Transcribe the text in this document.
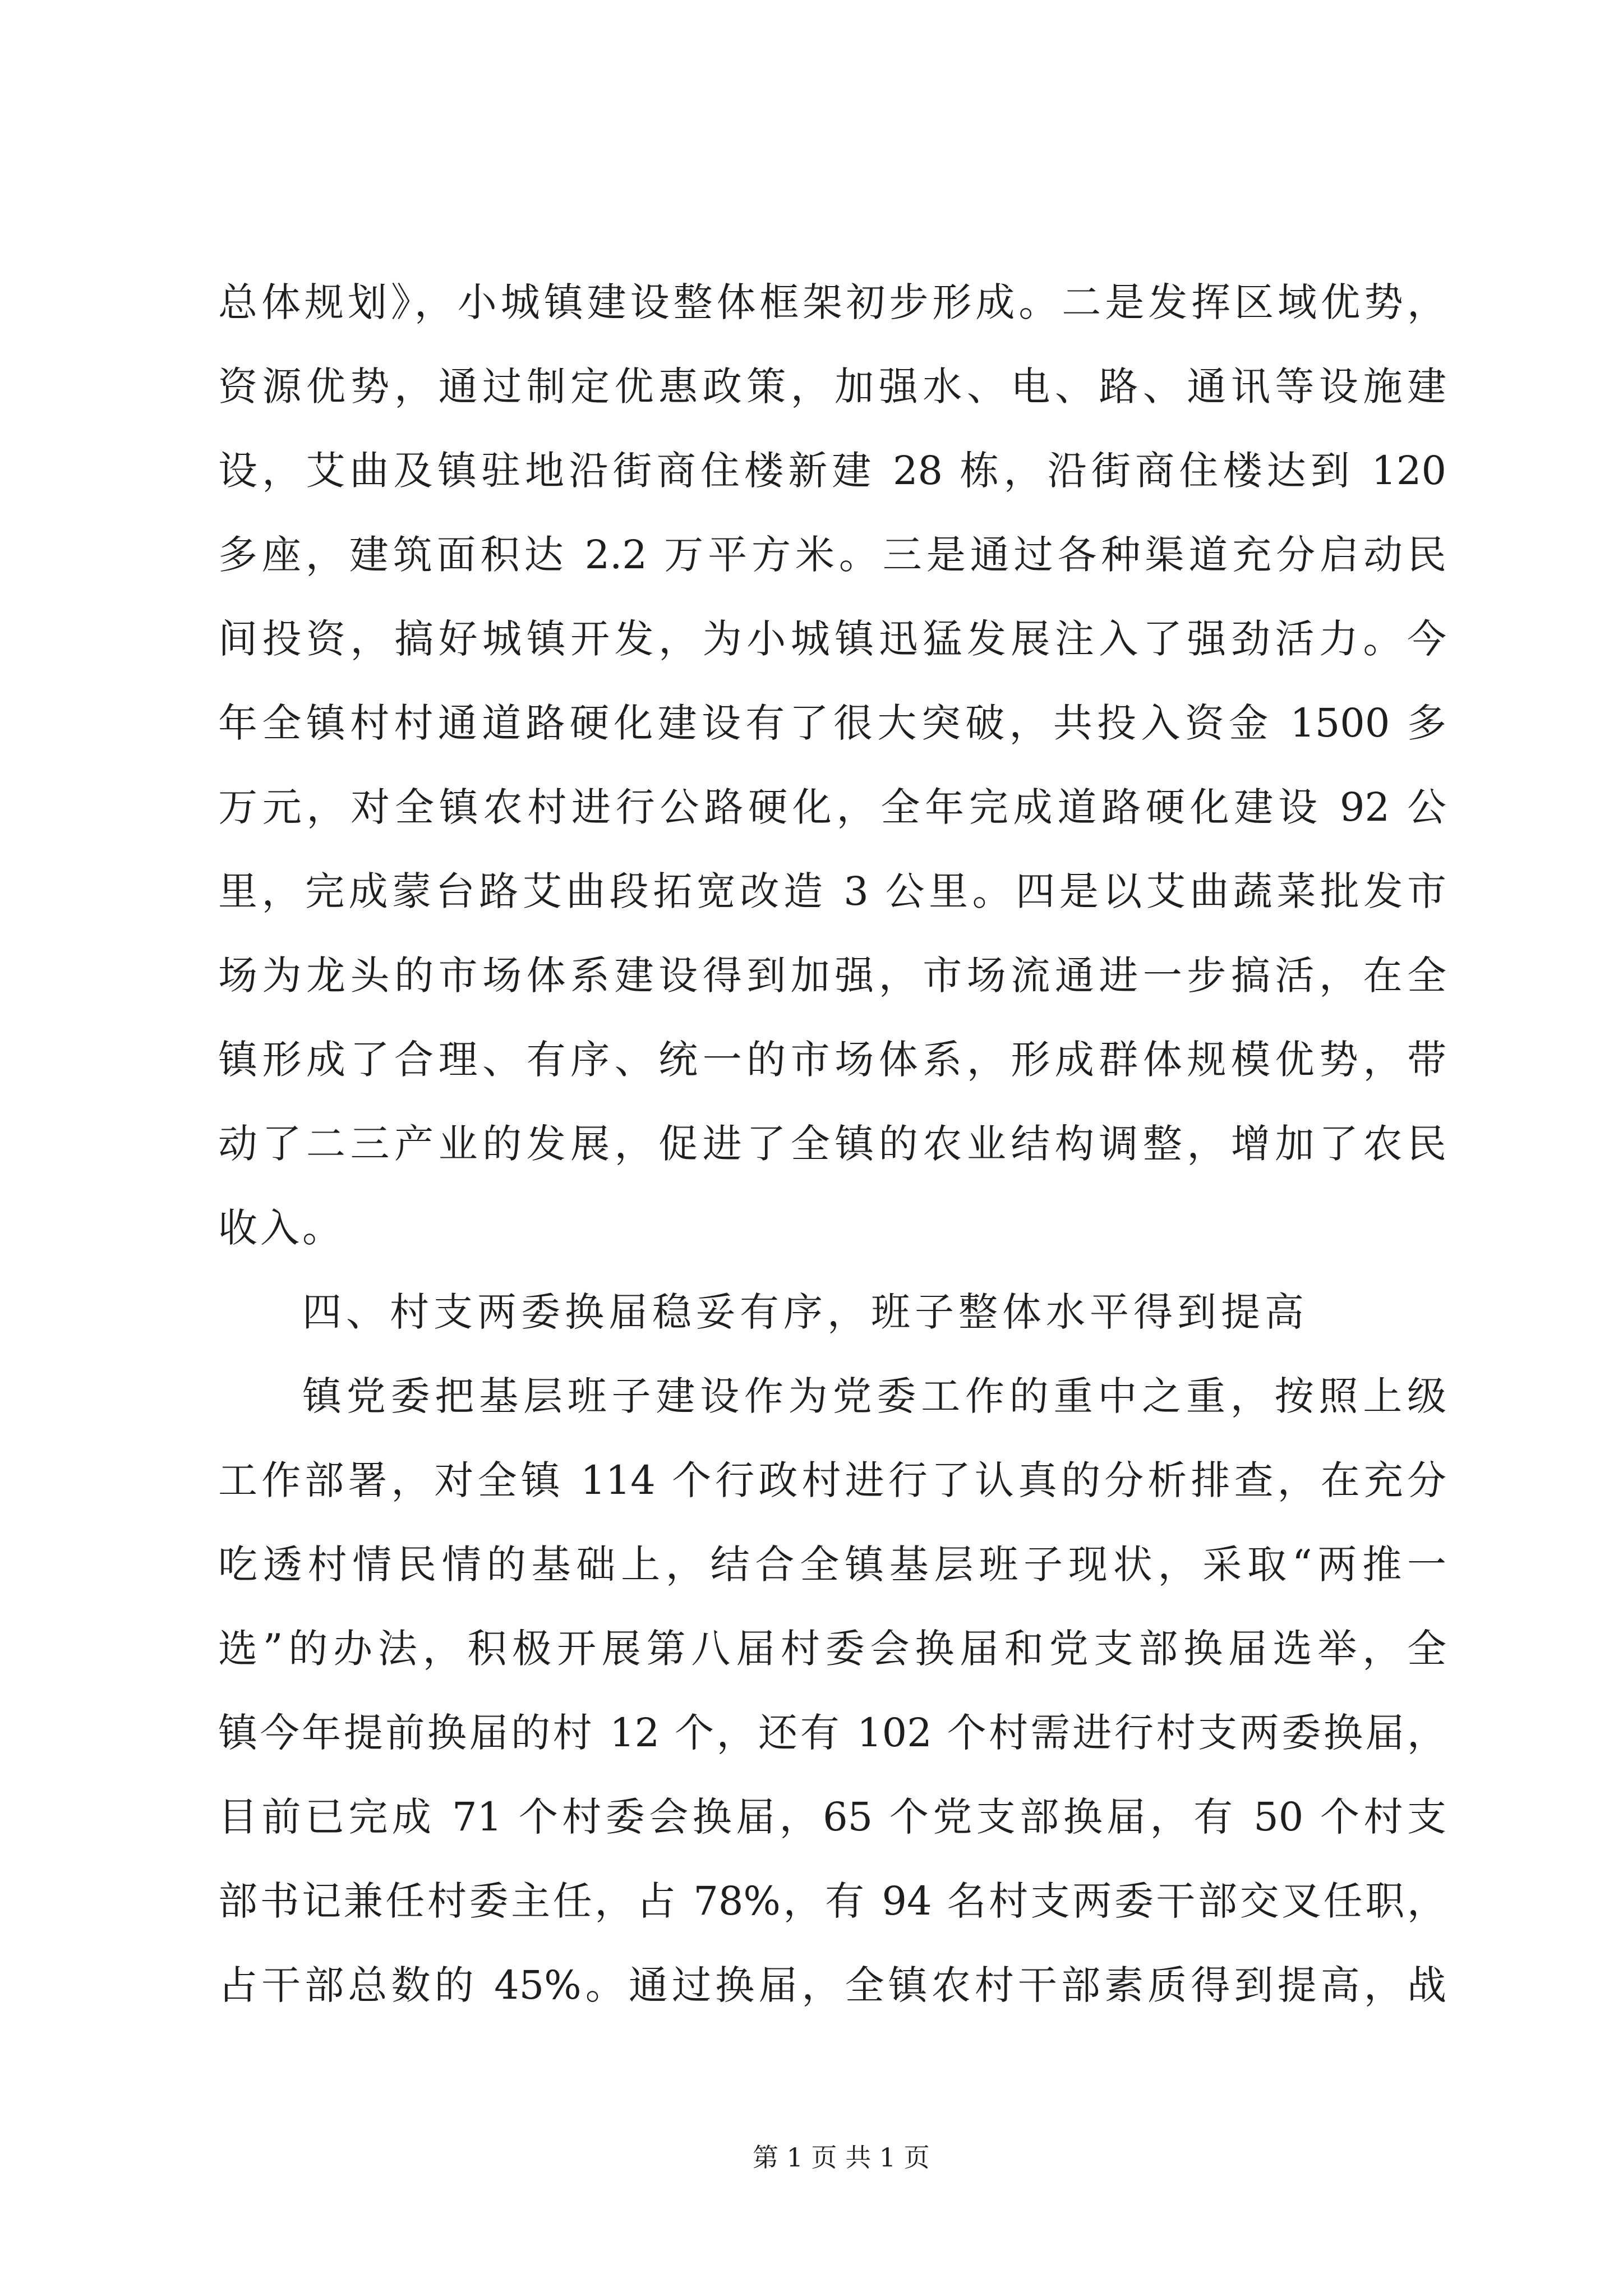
总体规划》，小城镇建设整体框架初步形成。二是发挥区域优势，
资源优势，通过制定优惠政策，加强水、电、路、通讯等设施建
设，艾曲及镇驻地沿街商住楼新建 28 栋，沿街商住楼达到 120
多座，建筑面积达 2.2 万平方米。三是通过各种渠道充分启动民
间投资，搞好城镇开发，为小城镇迅猛发展注入了强劲活力。今
年全镇村村通道路硬化建设有了很大突破，共投入资金 1500 多
万元，对全镇农村进行公路硬化，全年完成道路硬化建设 92 公
里，完成蒙台路艾曲段拓宽改造 3 公里。四是以艾曲蔬菜批发市
场为龙头的市场体系建设得到加强，市场流通进一步搞活，在全
镇形成了合理、有序、统一的市场体系，形成群体规模优势，带
动了二三产业的发展，促进了全镇的农业结构调整，增加了农民
收入。
四、村支两委换届稳妥有序，班子整体水平得到提高
镇党委把基层班子建设作为党委工作的重中之重，按照上级
工作部署，对全镇 114 个行政村进行了认真的分析排查，在充分
吃透村情民情的基础上，结合全镇基层班子现状，采取“两推一
选”的办法，积极开展第八届村委会换届和党支部换届选举，全
镇今年提前换届的村 12 个，还有 102 个村需进行村支两委换届，
目前已完成 71 个村委会换届，65 个党支部换届，有 50 个村支
部书记兼任村委主任，占 78%，有 94 名村支两委干部交叉任职，
占干部总数的 45%。通过换届，全镇农村干部素质得到提高，战
第 1 页 共 1 页
